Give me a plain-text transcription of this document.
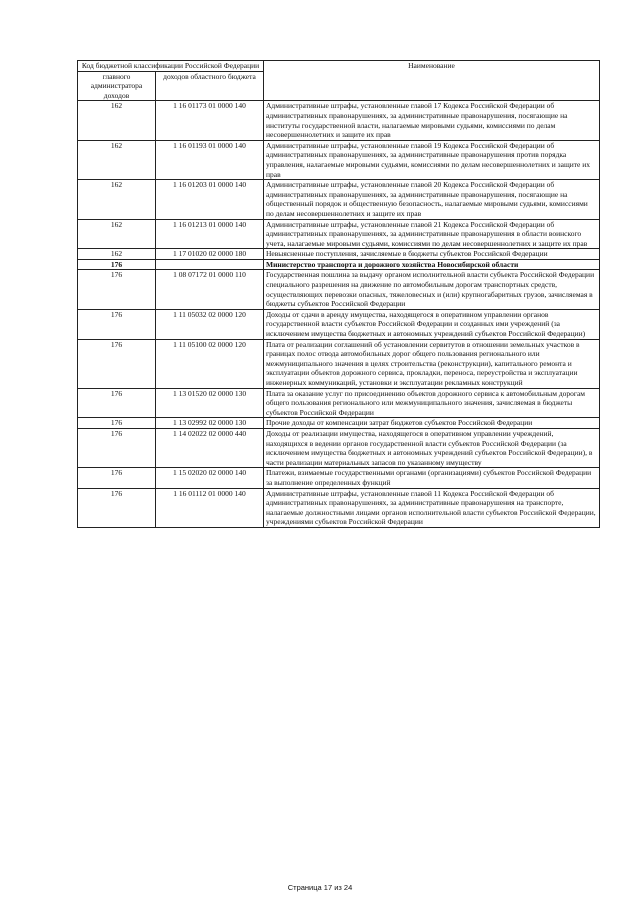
Код бюджетной классификации Российской Федерации		Наименование
главного администратора доходов	доходов областного бюджета	
162	1 16 01173 01 0000 140	Административные штрафы, установленные главой 17 Кодекса Российской Федерации об административных правонарушениях, за административные правонарушения, посягающие на институты государственной власти, налагаемые мировыми судьями, комиссиями по делам несовершеннолетних и защите их прав
162	1 16 01193 01 0000 140	Административные штрафы, установленные главой 19 Кодекса Российской Федерации об административных правонарушениях, за административные правонарушения против порядка управления, налагаемые мировыми судьями, комиссиями по делам несовершеннолетних и защите их прав
162	1 16 01203 01 0000 140	Административные штрафы, установленные главой 20 Кодекса Российской Федерации об административных правонарушениях, за административные правонарушения, посягающие на общественный порядок и общественную безопасность, налагаемые мировыми судьями, комиссиями по делам несовершеннолетних и защите их прав
162	1 16 01213 01 0000 140	Административные штрафы, установленные главой 21 Кодекса Российской Федерации об административных правонарушениях, за административные правонарушения в области воинского учета, налагаемые мировыми судьями, комиссиями по делам несовершеннолетних и защите их прав
162	1 17 01020 02 0000 180	Невыясненные поступления, зачисляемые в бюджеты субъектов Российской Федерации
176		Министерство транспорта и дорожного хозяйства Новосибирской области
176	1 08 07172 01 0000 110	Государственная пошлина за выдачу органом исполнительной власти субъекта Российской Федерации специального разрешения на движение по автомобильным дорогам транспортных средств, осуществляющих перевозки опасных, тяжеловесных и (или) крупногабаритных грузов, зачисляемая в бюджеты субъектов Российской Федерации
176	1 11 05032 02 0000 120	Доходы от сдачи в аренду имущества, находящегося в оперативном управлении органов государственной власти субъектов Российской Федерации и созданных ими учреждений (за исключением имущества бюджетных и автономных учреждений субъектов Российской Федерации)
176	1 11 05100 02 0000 120	Плата от реализации соглашений об установлении сервитутов в отношении земельных участков в границах полос отвода автомобильных дорог общего пользования регионального или межмуниципального значения в целях строительства (реконструкции), капитального ремонта и эксплуатации объектов дорожного сервиса, прокладки, переноса, переустройства и эксплуатации инженерных коммуникаций, установки и эксплуатации рекламных конструкций
176	1 13 01520 02 0000 130	Плата за оказание услуг по присоединению объектов дорожного сервиса к автомобильным дорогам общего пользования регионального или межмуниципального значения, зачисляемая в бюджеты субъектов Российской Федерации
176	1 13 02992 02 0000 130	Прочие доходы от компенсации затрат бюджетов субъектов Российской Федерации
176	1 14 02022 02 0000 440	Доходы от реализации имущества, находящегося в оперативном управлении учреждений, находящихся в ведении органов государственной власти субъектов Российской Федерации (за исключением имущества бюджетных и автономных учреждений субъектов Российской Федерации), в части реализации материальных запасов по указанному имуществу
176	1 15 02020 02 0000 140	Платежи, взимаемые государственными органами (организациями) субъектов Российской Федерации за выполнение определенных функций
176	1 16 01112 01 0000 140	Административные штрафы, установленные главой 11 Кодекса Российской Федерации об административных правонарушениях, за административные правонарушения на транспорте, налагаемые должностными лицами органов исполнительной власти субъектов Российской Федерации, учреждениями субъектов Российской Федерации
Страница 17 из 24
